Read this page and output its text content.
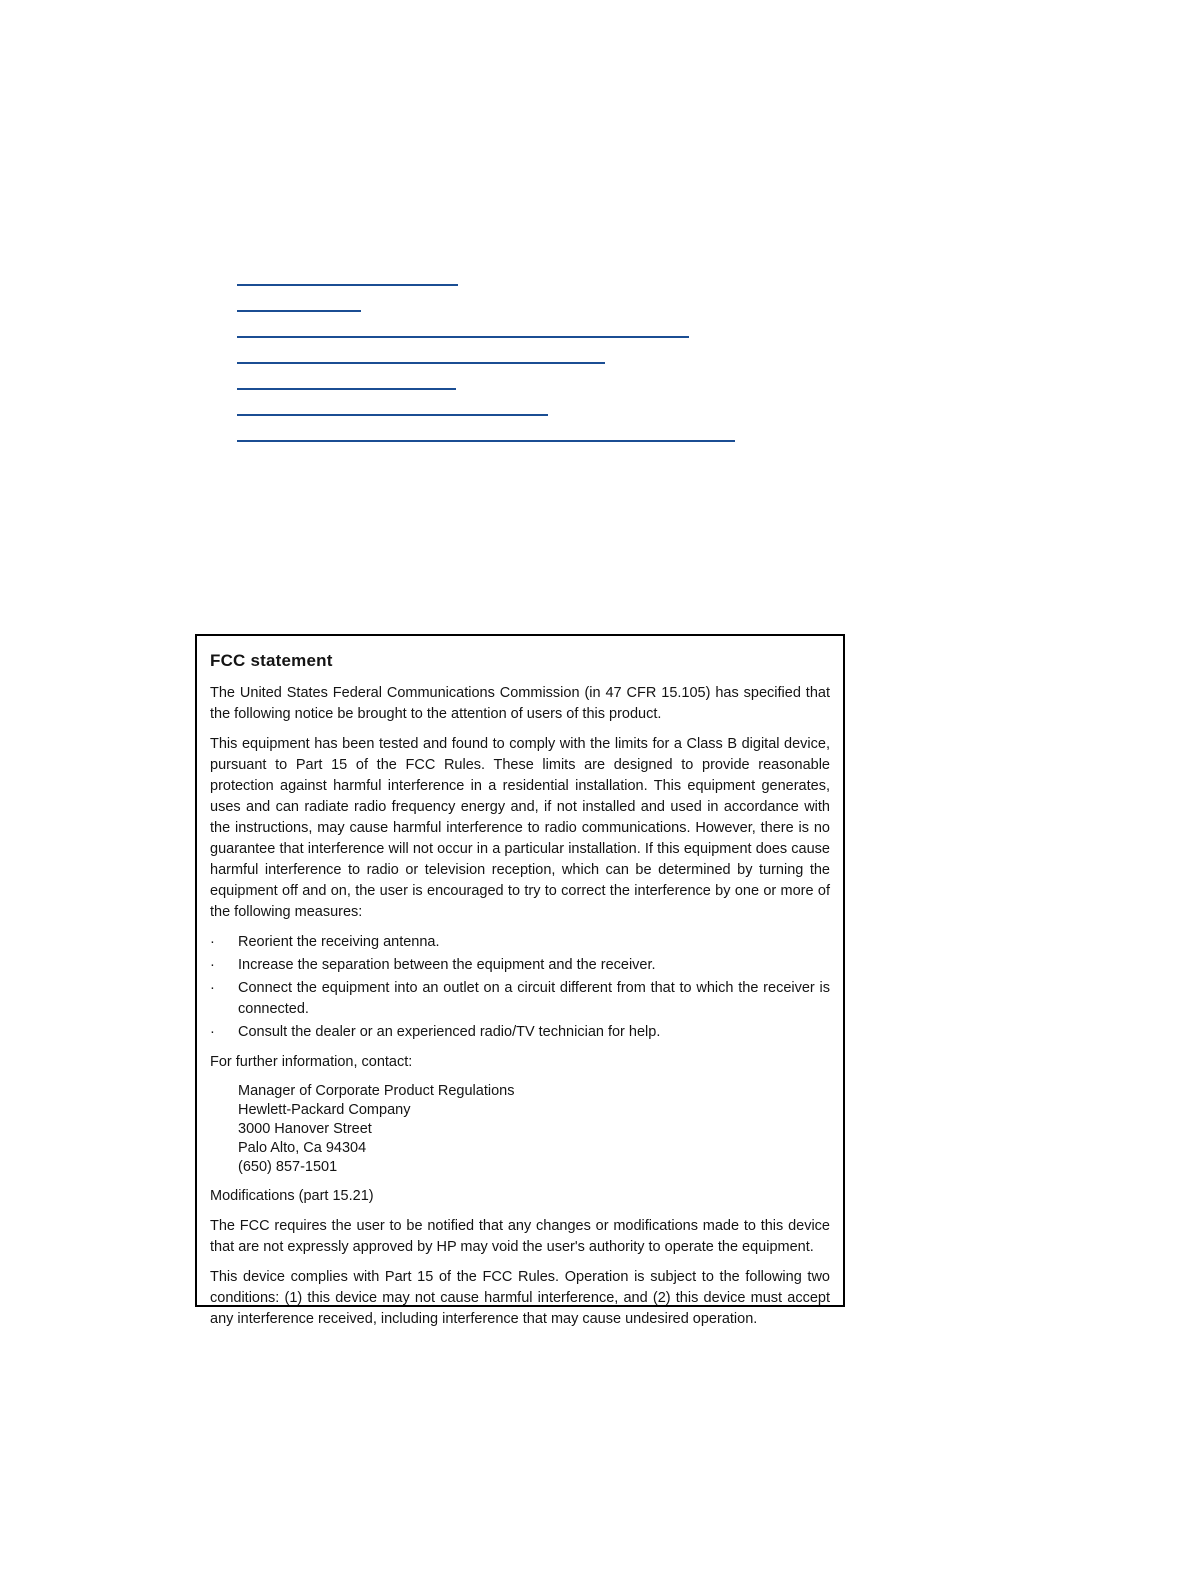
FCC statement

The United States Federal Communications Commission (in 47 CFR 15.105) has specified that the following notice be brought to the attention of users of this product.

This equipment has been tested and found to comply with the limits for a Class B digital device, pursuant to Part 15 of the FCC Rules. These limits are designed to provide reasonable protection against harmful interference in a residential installation. This equipment generates, uses and can radiate radio frequency energy and, if not installed and used in accordance with the instructions, may cause harmful interference to radio communications. However, there is no guarantee that interference will not occur in a particular installation. If this equipment does cause harmful interference to radio or television reception, which can be determined by turning the equipment off and on, the user is encouraged to try to correct the interference by one or more of the following measures:

·	Reorient the receiving antenna.
·	Increase the separation between the equipment and the receiver.
·	Connect the equipment into an outlet on a circuit different from that to which the receiver is connected.
·	Consult the dealer or an experienced radio/TV technician for help.

For further information, contact:

Manager of Corporate Product Regulations
Hewlett-Packard Company
3000 Hanover Street
Palo Alto, Ca 94304
(650) 857-1501

Modifications (part 15.21)

The FCC requires the user to be notified that any changes or modifications made to this device that are not expressly approved by HP may void the user's authority to operate the equipment.

This device complies with Part 15 of the FCC Rules. Operation is subject to the following two conditions: (1) this device may not cause harmful interference, and (2) this device must accept any interference received, including interference that may cause undesired operation.
